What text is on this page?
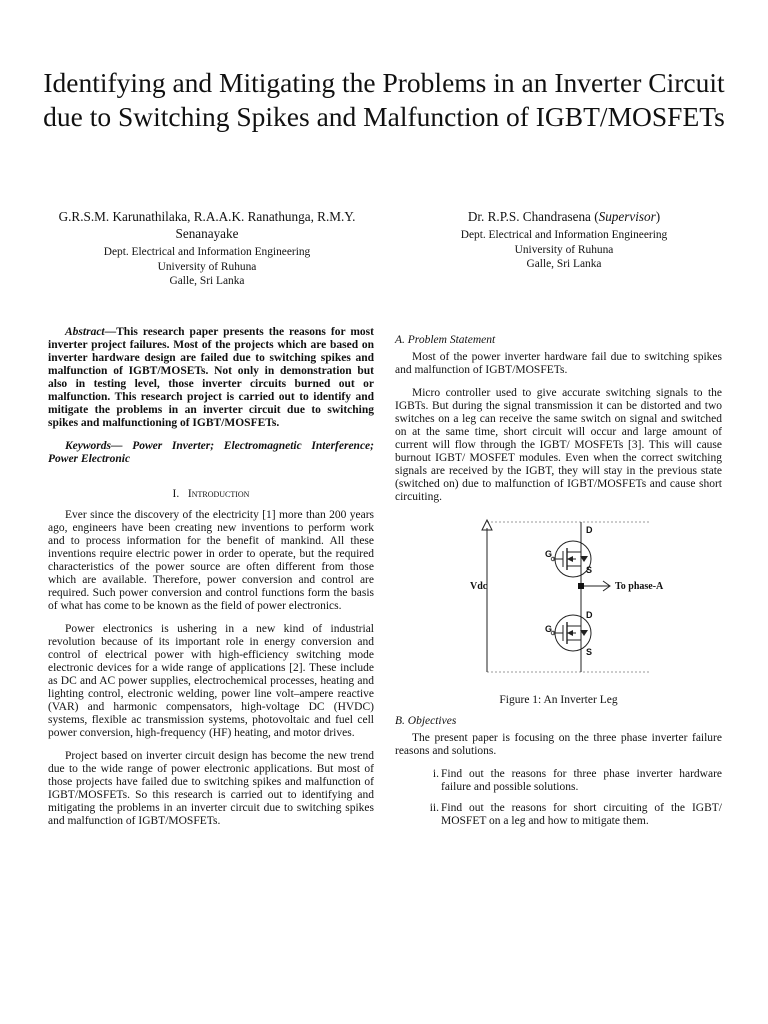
Identifying and Mitigating the Problems in an Inverter Circuit due to Switching Spikes and Malfunction of IGBT/MOSFETs
G.R.S.M. Karunathilaka, R.A.A.K. Ranathunga, R.M.Y. Senanayake
Dept. Electrical and Information Engineering
University of Ruhuna
Galle, Sri Lanka
Dr. R.P.S. Chandrasena (Supervisor)
Dept. Electrical and Information Engineering
University of Ruhuna
Galle, Sri Lanka

Abstract—This research paper presents the reasons for most inverter project failures. Most of the projects which are based on inverter hardware design are failed due to switching spikes and malfunction of IGBT/MOSETs. Not only in demonstration but also in testing level, those inverter circuits burned out or malfunction. This research project is carried out to identify and mitigate the problems in an inverter circuit due to switching spikes and malfunctioning of IGBT/MOSFETs.

Keywords— Power Inverter; Electromagnetic Interference; Power Electronic

I. Introduction

Ever since the discovery of the electricity [1] more than 200 years ago, engineers have been creating new inventions to perform work and to process information for the benefit of mankind. All these inventions require electric power in order to operate, but the required characteristics of the power source are often different from those which are available. Therefore, power conversion and control are required. Such power conversion and control functions form the basis of what has come to be known as the field of power electronics.

Power electronics is ushering in a new kind of industrial revolution because of its important role in energy conversion and control of electrical power with high-efficiency switching mode electronic devices for a wide range of applications [2]. These include as DC and AC power supplies, electrochemical processes, heating and lighting control, electronic welding, power line volt–ampere reactive (VAR) and harmonic compensators, high-voltage DC (HVDC) systems, flexible ac transmission systems, photovoltaic and fuel cell power conversion, high-frequency (HF) heating, and motor drives.

Project based on inverter circuit design has become the new trend due to the wide range of power electronic applications. But most of those projects have failed due to switching spikes and malfunction of IGBT/MOSFETs. So this research is carried out to identifying and mitigating the problems in an inverter circuit due to switching spikes and malfunction of IGBT/MOSFETs.

A. Problem Statement

Most of the power inverter hardware fail due to switching spikes and malfunction of IGBT/MOSFETs.

Micro controller used to give accurate switching signals to the IGBTs. But during the signal transmission it can be distorted and two switches on a leg can receive the same switch on signal and switched on at the same time, short circuit will occur and large amount of current will flow through the IGBT/ MOSFETs [3]. This will cause burnout IGBT/ MOSFET modules. Even when the correct switching signals are received by the IGBT, they will stay in the previous state (switched on) due to malfunction of IGBT/MOSFETs and cause short circuiting.

Vdc	To phase-A
D
G
S
D
G
S

Figure 1: An Inverter Leg

B. Objectives

The present paper is focusing on the three phase inverter failure reasons and solutions.

i. Find out the reasons for three phase inverter hardware failure and possible solutions.
ii. Find out the reasons for short circuiting of the IGBT/ MOSFET on a leg and how to mitigate them.
